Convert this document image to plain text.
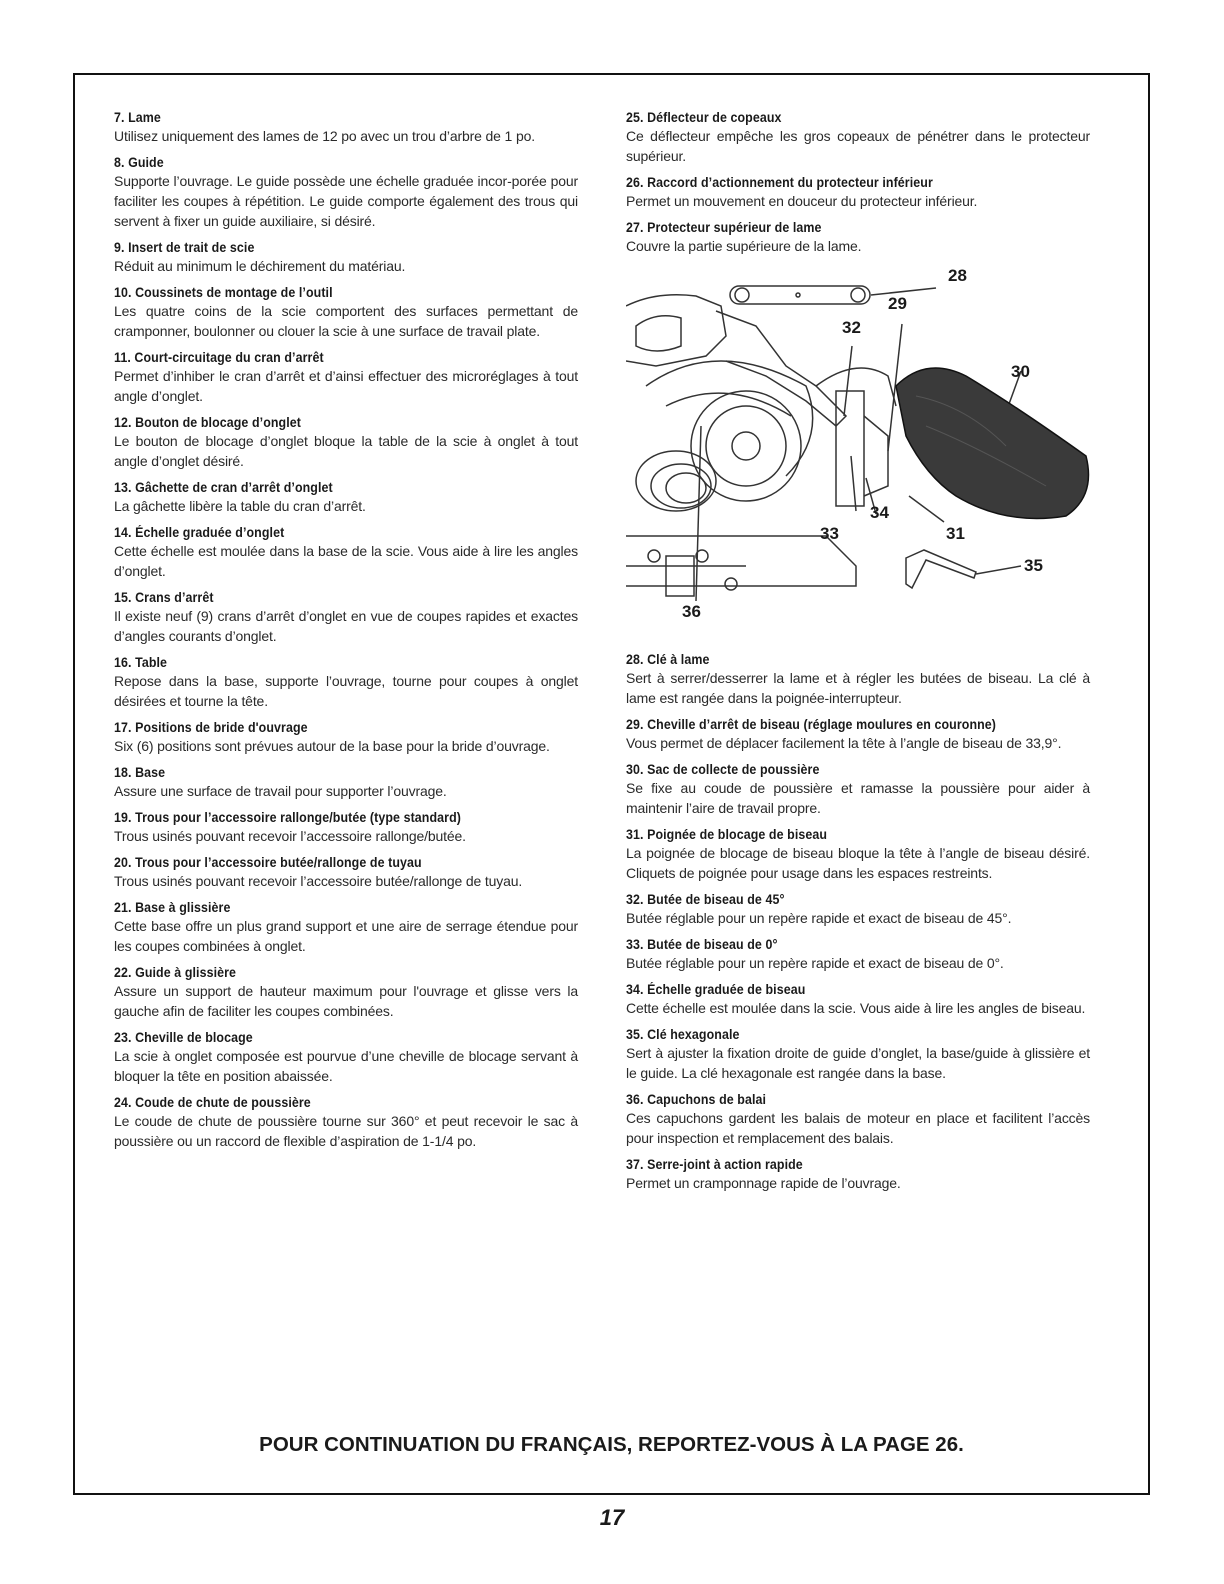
7. Lame

Utilisez uniquement des lames de 12 po avec un trou d’arbre de 1 po.

8. Guide

Supporte l’ouvrage. Le guide possède une échelle graduée incor-porée pour faciliter les coupes à répétition. Le guide comporte également des trous qui servent à fixer un guide auxiliaire, si désiré.

9. Insert de trait de scie

Réduit au minimum le déchirement du matériau.

10. Coussinets de montage de l’outil

Les quatre coins de la scie comportent des surfaces permettant de cramponner, boulonner ou clouer la scie à une surface de travail plate.

11. Court-circuitage du cran d’arrêt

Permet d’inhiber le cran d’arrêt et d’ainsi effectuer des microréglages à tout angle d’onglet.

12. Bouton de blocage d’onglet

Le bouton de blocage d’onglet bloque la table de la scie à onglet à tout angle d’onglet désiré.

13. Gâchette de cran d’arrêt d’onglet

La gâchette libère la table du cran d’arrêt.

14. Échelle graduée d’onglet

Cette échelle est moulée dans la base de la scie. Vous aide à lire les angles d’onglet.

15. Crans d’arrêt

Il existe neuf (9) crans d’arrêt d’onglet en vue de coupes rapides et exactes d’angles courants d’onglet.

16. Table

Repose dans la base, supporte l’ouvrage, tourne pour coupes à onglet désirées et tourne la tête.

17. Positions de bride d'ouvrage

Six (6) positions sont prévues autour de la base pour la bride d’ouvrage.

18. Base

Assure une surface de travail pour supporter l’ouvrage.

19. Trous pour l’accessoire rallonge/butée (type standard)

Trous usinés pouvant recevoir l’accessoire rallonge/butée.

20. Trous pour l’accessoire butée/rallonge de tuyau

Trous usinés pouvant recevoir l’accessoire butée/rallonge de tuyau.

21. Base à glissière

Cette base offre un plus grand support et une aire de serrage étendue pour les coupes combinées à onglet.

22. Guide à glissière

Assure un support de hauteur maximum pour l'ouvrage et glisse vers la gauche afin de faciliter les coupes combinées.

23. Cheville de blocage

La scie à onglet composée est pourvue d’une cheville de blocage servant à bloquer la tête en position abaissée.

24. Coude de chute de poussière

Le coude de chute de poussière tourne sur 360° et peut recevoir le sac à poussière ou un raccord de flexible d’aspiration de 1-1/4 po.

25. Déflecteur de copeaux

Ce déflecteur empêche les gros copeaux de pénétrer dans le protecteur supérieur.

26. Raccord d’actionnement du protecteur inférieur

Permet un mouvement en douceur du protecteur inférieur.

27. Protecteur supérieur de lame

Couvre la partie supérieure de la lame.

28
29
32
30
34
31
33
35
36
28. Clé à lame

Sert à serrer/desserrer la lame et à régler les butées de biseau. La clé à lame est rangée dans la poignée-interrupteur.

29. Cheville d’arrêt de biseau (réglage moulures en couronne)

Vous permet de déplacer facilement la tête à l’angle de biseau de 33,9°.

30. Sac de collecte de poussière

Se fixe au coude de poussière et ramasse la poussière pour aider à maintenir l’aire de travail propre.

31. Poignée de blocage de biseau

La poignée de blocage de biseau bloque la tête à l’angle de biseau désiré. Cliquets de poignée pour usage dans les espaces restreints.

32. Butée de biseau de 45°

Butée réglable pour un repère rapide et exact de biseau de 45°.

33. Butée de biseau de 0°

Butée réglable pour un repère rapide et exact de biseau de 0°.

34. Échelle graduée de biseau

Cette échelle est moulée dans la scie. Vous aide à lire les angles de biseau.

35. Clé hexagonale

Sert à ajuster la fixation droite de guide d’onglet, la base/guide à glissière et le guide. La clé hexagonale est rangée dans la base.

36. Capuchons de balai

Ces capuchons gardent les balais de moteur en place et facilitent l’accès pour inspection et remplacement des balais.

37. Serre-joint à action rapide

Permet un cramponnage rapide de l’ouvrage.

POUR CONTINUATION DU FRANÇAIS, REPORTEZ-VOUS À LA PAGE 26.
17
